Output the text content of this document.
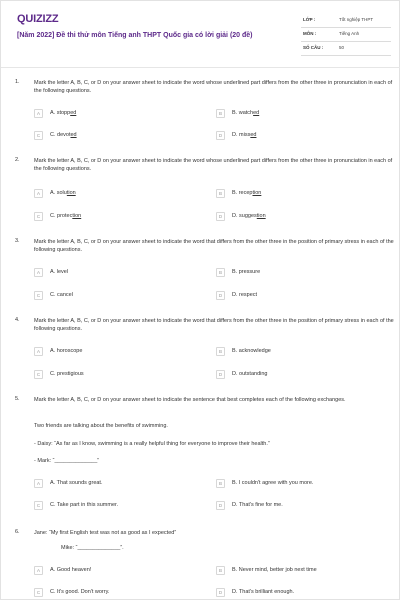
QUIZIZZ
[Năm 2022] Đề thi thử môn Tiếng anh THPT Quốc gia có lời giải (20 đề)
LỚP :	Tốt nghiệp THPT
MÔN :	Tiếng Anh
SỐ CÂU :	50
1.	Mark the letter A, B, C, or D on your answer sheet to indicate the word whose underlined part differs from the other three in pronunciation in each of the following questions.
A	A. stopped	B	B. watched
C	C. devoted	D	D. missed
2.	Mark the letter A, B, C, or D on your answer sheet to indicate the word whose underlined part differs from the other three in pronunciation in each of the following questions.
A	A. solution	B	B. reception
C	C. protection	D	D. suggestion
3.	Mark the letter A, B, C, or D on your answer sheet to indicate the word that differs from the other three in the position of primary stress in each of the following questions.
A	A. level	B	B. pressure
C	C. cancel	D	D. respect
4.	Mark the letter A, B, C, or D on your answer sheet to indicate the word that differs from the other three in the position of primary stress in each of the following questions.
A	A. horoscope	B	B. acknowledge
C	C. prestigious	D	D. outstanding
5.	Mark the letter A, B, C, or D on your answer sheet to indicate the sentence that best completes each of the following exchanges.
Two friends are talking about the benefits of swimming.
- Daisy: “As far as I know, swimming is a really helpful thing for everyone to improve their health.”
- Mark: “______________”
A	A. That sounds great.	B	B. I couldn't agree with you more.
C	C. Take part in this summer.	D	D. That's fine for me.
6.	Jane: “My first English test was not as good as I expected”
Mike: “______________”.
A	A. Good heaven!	B	B. Never mind, better job next time
C	C. It's good. Don't worry.	D	D. That's brilliant enough.
